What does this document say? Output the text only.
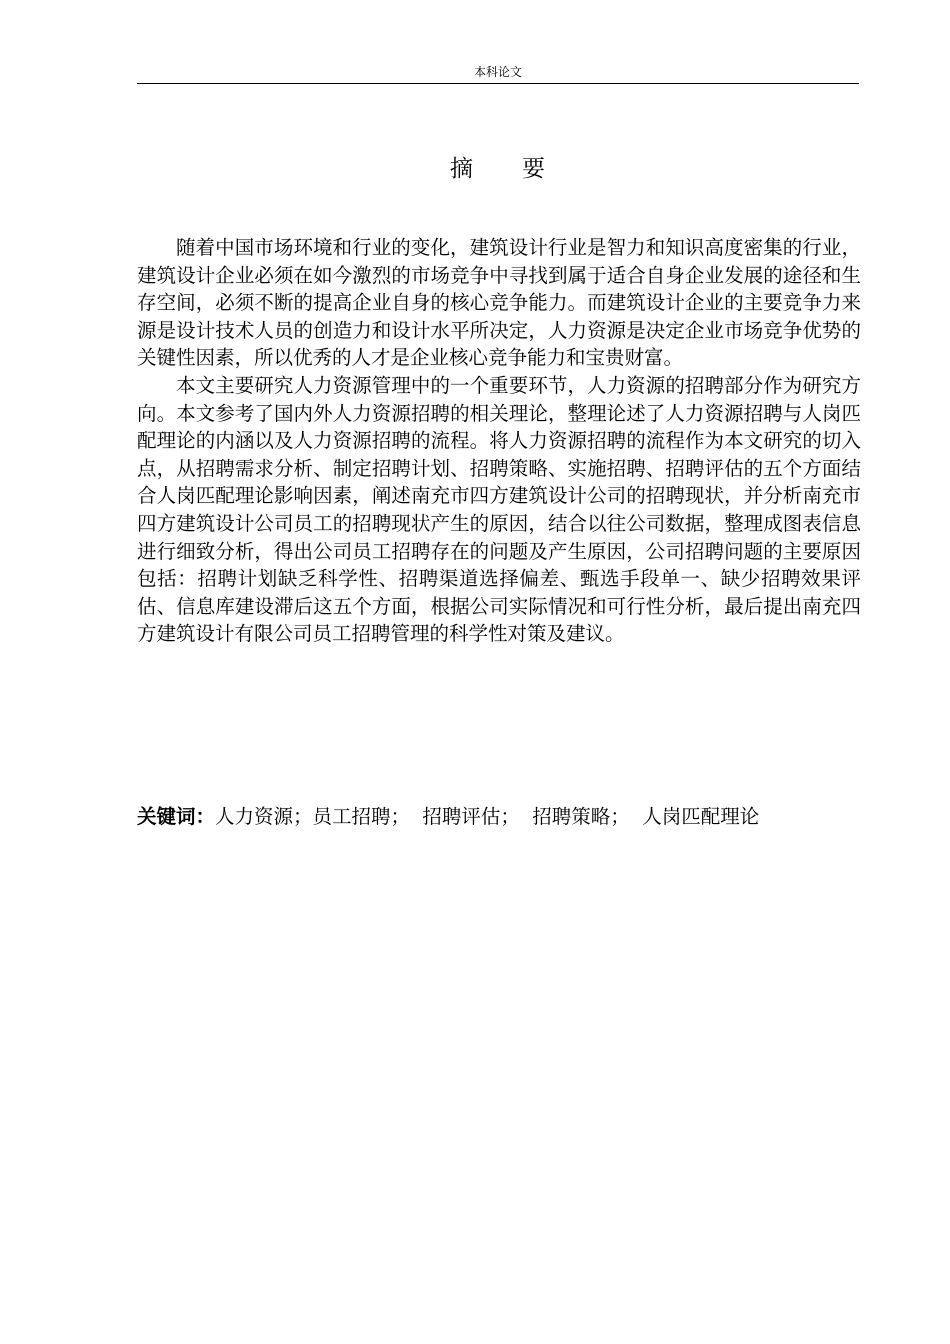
本科论文
摘 要

随着中国市场环境和行业的变化，建筑设计行业是智力和知识高度密集的行业，建筑设计企业必须在如今激烈的市场竞争中寻找到属于适合自身企业发展的途径和生存空间，必须不断的提高企业自身的核心竞争能力。而建筑设计企业的主要竞争力来源是设计技术人员的创造力和设计水平所决定，人力资源是决定企业市场竞争优势的关键性因素，所以优秀的人才是企业核心竞争能力和宝贵财富。

本文主要研究人力资源管理中的一个重要环节，人力资源的招聘部分作为研究方向。本文参考了国内外人力资源招聘的相关理论，整理论述了人力资源招聘与人岗匹配理论的内涵以及人力资源招聘的流程。将人力资源招聘的流程作为本文研究的切入点，从招聘需求分析、制定招聘计划、招聘策略、实施招聘、招聘评估的五个方面结合人岗匹配理论影响因素，阐述南充市四方建筑设计公司的招聘现状，并分析南充市四方建筑设计公司员工的招聘现状产生的原因，结合以往公司数据，整理成图表信息进行细致分析，得出公司员工招聘存在的问题及产生原因，公司招聘问题的主要原因包括：招聘计划缺乏科学性、招聘渠道选择偏差、甄选手段单一、缺少招聘效果评估、信息库建设滞后这五个方面，根据公司实际情况和可行性分析，最后提出南充四方建筑设计有限公司员工招聘管理的科学性对策及建议。

关键词：人力资源；员工招聘；  招聘评估；  招聘策略；  人岗匹配理论
